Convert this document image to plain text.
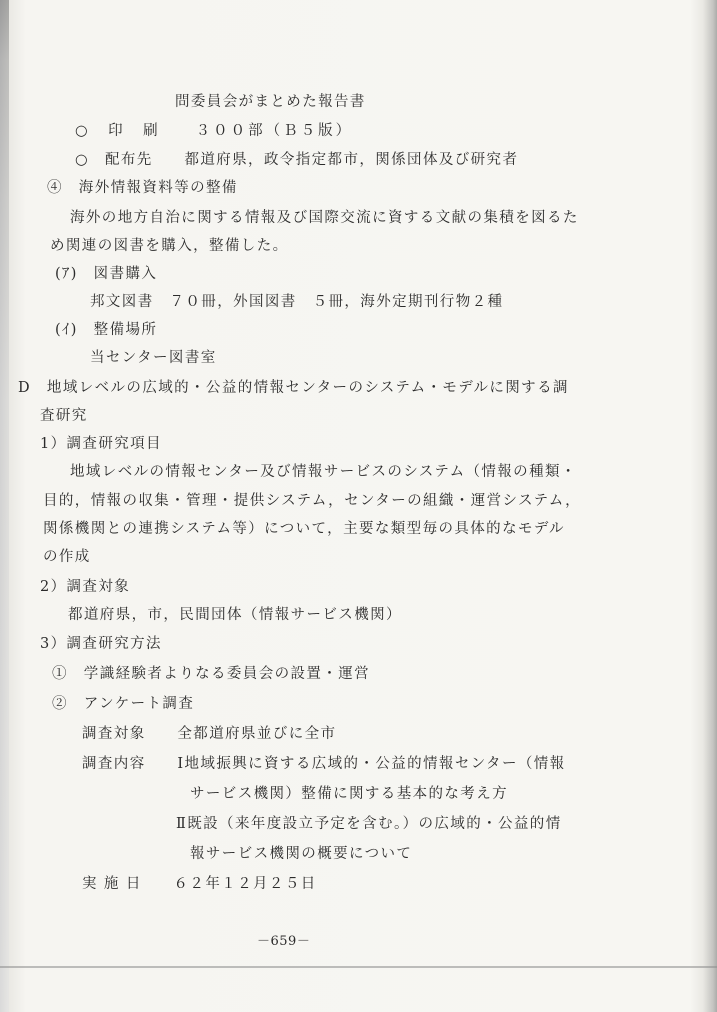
問委員会がまとめた報告書
○　印　刷　　３００部（Ｂ５版）
○　配布先　　都道府県，政令指定都市，関係団体及び研究者
④　海外情報資料等の整備
海外の地方自治に関する情報及び国際交流に資する文献の集積を図るた
め関連の図書を購入，整備した。
(ｱ)　図書購入
邦文図書　７０冊，外国図書　５冊，海外定期刊行物２種
(ｲ)　整備場所
当センター図書室
D　地域レベルの広域的・公益的情報センターのシステム・モデルに関する調
査研究
1）調査研究項目
地域レベルの情報センター及び情報サービスのシステム（情報の種類・
目的，情報の収集・管理・提供システム，センターの組織・運営システム，
関係機関との連携システム等）について，主要な類型毎の具体的なモデル
の作成
2）調査対象
都道府県，市，民間団体（情報サービス機関）
3）調査研究方法
①　学識経験者よりなる委員会の設置・運営
②　アンケート調査
調査対象　　全都道府県並びに全市
調査内容　　Ⅰ地域振興に資する広域的・公益的情報センター（情報
サービス機関）整備に関する基本的な考え方
Ⅱ既設（来年度設立予定を含む。）の広域的・公益的情
報サービス機関の概要について
実 施 日　　６２年１２月２５日
－659－
